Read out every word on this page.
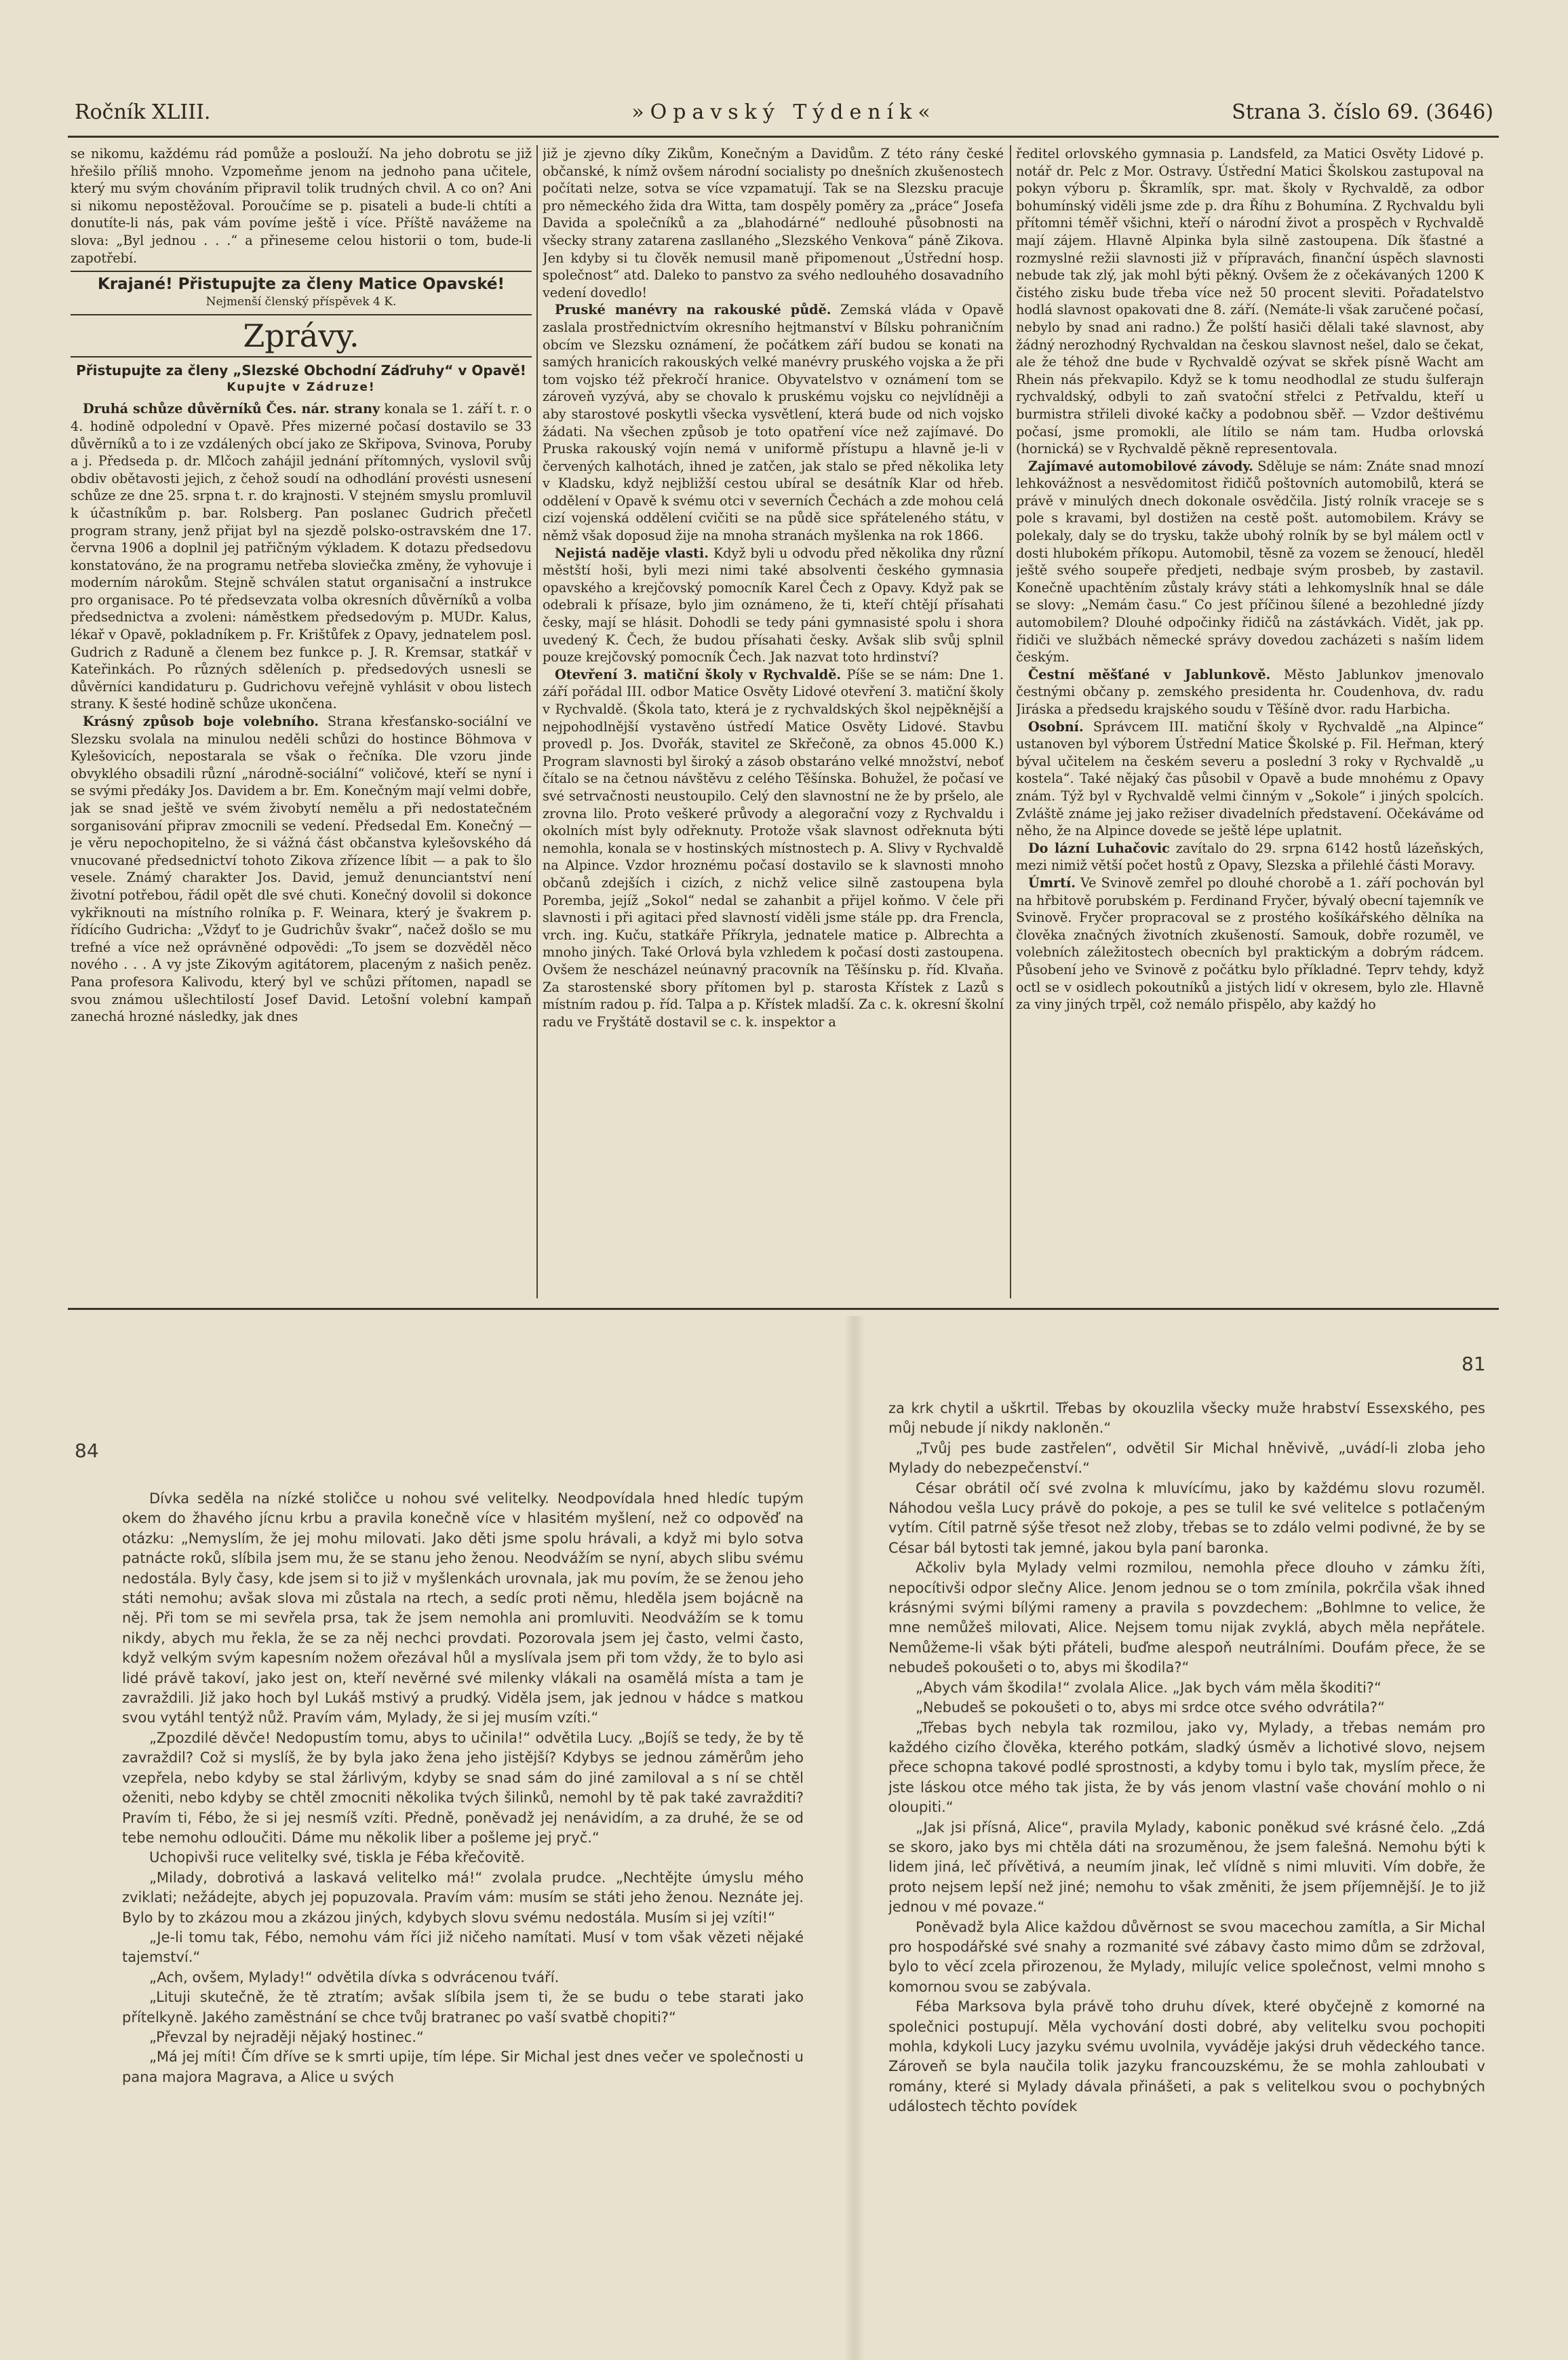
Ročník XLIII.	»Opavský Týdeník«	Strana 3. číslo 69. (3646)

se nikomu, každému rád pomůže a poslouží. Na jeho dobrotu se již hřešilo příliš mnoho. Vzpomeňme jenom na jednoho pana učitele, který mu svým chováním připravil tolik trudných chvil. A co on? Ani si nikomu nepostěžoval. Poroučíme se p. pisateli a bude-li chtíti a donutíte-li nás, pak vám povíme ještě i více. Příště navážeme na slova: „Byl jednou . . .“ a přineseme celou historii o tom, bude-li zapotřebí.

Krajané! Přistupujte za členy Matice Opavské!
Nejmenší členský příspěvek 4 K.
Zprávy.
Přistupujte za členy „Slezské Obchodní Záďruhy“ v Opavě!
Kupujte v Zádruze!

Druhá schůze důvěrníků Čes. nár. strany konala se 1. září t. r. o 4. hodině odpolední v Opavě. Přes mizerné počasí dostavilo se 33 důvěrníků a to i ze vzdálených obcí jako ze Skřipova, Svinova, Poruby a j. Předseda p. dr. Mlčoch zahájil jednání přítomných, vyslovil svůj obdiv obětavosti jejich, z čehož soudí na odhodlání provésti usnesení schůze ze dne 25. srpna t. r. do krajnosti. V stejném smyslu promluvil k účastníkům p. bar. Rolsberg. Pan poslanec Gudrich přečetl program strany, jenž přijat byl na sjezdě polsko-ostravském dne 17. června 1906 a doplnil jej patřičným výkladem. K dotazu předsedovu konstatováno, že na programu netřeba sloviečka změny, že vyhovuje i moderním nárokům. Stejně schválen statut organisační a instrukce pro organisace. Po té předsevzata volba okresních důvěrníků a volba předsednictva a zvoleni: náměstkem předsedovým p. MUDr. Kalus, lékař v Opavě, pokladníkem p. Fr. Krištůfek z Opavy, jednatelem posl. Gudrich z Raduně a členem bez funkce p. J. R. Kremsar, statkář v Kateřinkách. Po různých sděleních p. předsedových usnesli se důvěrníci kandidaturu p. Gudrichovu veřejně vyhlásit v obou listech strany. K šesté hodině schůze ukončena.

Krásný způsob boje volebního. Strana křesťansko-sociální ve Slezsku svolala na minulou neděli schůzi do hostince Böhmova v Kylešovicích, nepostarala se však o řečníka. Dle vzoru jinde obvyklého obsadili různí „národně-sociální“ voličové, kteří se nyní i se svými předáky Jos. Davidem a br. Em. Konečným mají velmi dobře, jak se snad ještě ve svém živobytí nemělu a při nedostatečném sorganisování připrav zmocnili se vedení. Předsedal Em. Konečný — je věru nepochopitelno, že si vážná část občanstva kylešovského dá vnucované předsednictví tohoto Zikova zřízence líbit — a pak to šlo vesele. Známý charakter Jos. David, jemuž denunciantství není životní potřebou, řádil opět dle své chuti. Konečný dovolil si dokonce vykřiknouti na místního rolníka p. F. Weinara, který je švakrem p. řídícího Gudricha: „Vždyť to je Gudrichův švakr“, načež došlo se mu trefné a více než oprávněné odpovědi: „To jsem se dozvěděl něco nového . . . A vy jste Zikovým agitátorem, placeným z našich peněz. Pana profesora Kalivodu, který byl ve schůzi přítomen, napadl se svou známou ušlechtilostí Josef David. Letošní volební kampaň zanechá hrozné následky, jak dnes

již je zjevno díky Zikům, Konečným a Davidům. Z této rány české občanské, k nímž ovšem národní socialisty po dnešních zkušenostech počítati nelze, sotva se více vzpamatují. Tak se na Slezsku pracuje pro německého žida dra Witta, tam dospěly poměry za „práce“ Josefa Davida a společníků a za „blahodárné“ nedlouhé působnosti na všecky strany zatarena zasllaného „Slezského Venkova“ páně Zikova. Jen kdyby si tu člověk nemusil maně připomenout „Ústřední hosp. společnost“ atd. Daleko to panstvo za svého nedlouhého dosavadního vedení dovedlo!

Pruské manévry na rakouské půdě. Zemská vláda v Opavě zaslala prostřednictvím okresního hejtmanství v Bílsku pohraničním obcím ve Slezsku oznámení, že počátkem září budou se konati na samých hranicích rakouských velké manévry pruského vojska a že při tom vojsko též překročí hranice. Obyvatelstvo v oznámení tom se zároveň vyzývá, aby se chovalo k pruskému vojsku co nejvlídněji a aby starostové poskytli všecka vysvětlení, která bude od nich vojsko žádati. Na všechen způsob je toto opatření více než zajímavé. Do Pruska rakouský vojín nemá v uniformě přístupu a hlavně je-li v červených kalhotách, ihned je zatčen, jak stalo se před několika lety v Kladsku, když nejbližší cestou ubíral se desátník Klar od hřeb. oddělení v Opavě k svému otci v severních Čechách a zde mohou celá cizí vojenská oddělení cvičiti se na půdě sice spřáteleného státu, v němž však doposud žije na mnoha stranách myšlenka na rok 1866.

Nejistá naděje vlasti. Když byli u odvodu před několika dny různí městští hoši, byli mezi nimi také absolventi českého gymnasia opavského a krejčovský pomocník Karel Čech z Opavy. Když pak se odebrali k přísaze, bylo jim oznámeno, že ti, kteří chtějí přísahati česky, mají se hlásit. Dohodli se tedy páni gymnasisté spolu i shora uvedený K. Čech, že budou přísahati česky. Avšak slib svůj splnil pouze krejčovský pomocník Čech. Jak nazvat toto hrdinství?

Otevření 3. matiční školy v Rychvaldě. Píše se se nám: Dne 1. září pořádal III. odbor Matice Osvěty Lidové otevření 3. matiční školy v Rychvaldě. (Škola tato, která je z rychvaldských škol nejpěknější a nejpohodlnější vystavěno ústředí Matice Osvěty Lidové. Stavbu provedl p. Jos. Dvořák, stavitel ze Skřečoně, za obnos 45.000 K.) Program slavnosti byl široký a zásob obstaráno velké množství, neboť čítalo se na četnou návštěvu z celého Těšínska. Bohužel, že počasí ve své setrvačnosti neustoupilo. Celý den slavnostní ne že by pršelo, ale zrovna lilo. Proto veškeré průvody a alegorační vozy z Rychvaldu i okolních míst byly odřeknuty. Protože však slavnost odřeknuta býti nemohla, konala se v hostinských místnostech p. A. Slivy v Rychvaldě na Alpince. Vzdor hroznému počasí dostavilo se k slavnosti mnoho občanů zdejších i cizích, z nichž velice silně zastoupena byla Poremba, jejíž „Sokol“ nedal se zahanbit a přijel koňmo. V čele při slavnosti i při agitaci před slavností viděli jsme stále pp. dra Frencla, vrch. ing. Kuču, statkáře Příkryla, jednatele matice p. Albrechta a mnoho jiných. Také Orlová byla vzhledem k počasí dosti zastoupena. Ovšem že nescházel neúnavný pracovník na Těšínsku p. říd. Klvaňa. Za starostenské sbory přítomen byl p. starosta Křístek z Lazů s místním radou p. říd. Talpa a p. Křístek mladší. Za c. k. okresní školní radu ve Fryštátě dostavil se c. k. inspektor a

ředitel orlovského gymnasia p. Landsfeld, za Matici Osvěty Lidové p. notář dr. Pelc z Mor. Ostravy. Ústřední Matici Školskou zastupoval na pokyn výboru p. Škramlík, spr. mat. školy v Rychvaldě, za odbor bohumínský viděli jsme zde p. dra Říhu z Bohumína. Z Rychvaldu byli přítomni téměř všichni, kteří o národní život a prospěch v Rychvaldě mají zájem. Hlavně Alpinka byla silně zastoupena. Dík šťastné a rozmyslné režii slavnosti již v přípravách, finanční úspěch slavnosti nebude tak zlý, jak mohl býti pěkný. Ovšem že z očekávaných 1200 K čistého zisku bude třeba více než 50 procent sleviti. Pořadatelstvo hodlá slavnost opakovati dne 8. září. (Nemáte-li však zaručené počasí, nebylo by snad ani radno.) Že polští hasiči dělali také slavnost, aby žádný nerozhodný Rychvaldan na českou slavnost nešel, dalo se čekat, ale že téhož dne bude v Rychvaldě ozývat se skřek písně Wacht am Rhein nás překvapilo. Když se k tomu neodhodlal ze studu šulferajn rychvaldský, odbyli to zaň svatoční střelci z Petřvaldu, kteří u burmistra střileli divoké kačky a podobnou sběř. — Vzdor deštivému počasí, jsme promokli, ale lítilo se nám tam. Hudba orlovská (hornická) se v Rychvaldě pěkně representovala.

Zajímavé automobilové závody. Sděluje se nám: Znáte snad mnozí lehkovážnost a nesvědomitost řidičů poštovních automobilů, která se právě v minulých dnech dokonale osvědčila. Jistý rolník vraceje se s pole s kravami, byl dostižen na cestě pošt. automobilem. Krávy se polekaly, daly se do trysku, takže ubohý rolník by se byl málem octl v dosti hlubokém příkopu. Automobil, těsně za vozem se ženoucí, hleděl ještě svého soupeře předjeti, nedbaje svým prosbeb, by zastavil. Konečně upachtěním zůstaly krávy státi a lehkomyslník hnal se dále se slovy: „Nemám času.“ Co jest příčinou šílené a bezohledné jízdy automobilem? Dlouhé odpočinky řidičů na zástávkách. Vidět, jak pp. řidiči ve službách německé správy dovedou zacházeti s naším lidem českým.

Čestní měšťané v Jablunkově. Město Jablunkov jmenovalo čestnými občany p. zemského presidenta hr. Coudenhova, dv. radu Jiráska a předsedu krajského soudu v Těšíně dvor. radu Harbicha.

Osobní. Správcem III. matiční školy v Rychvaldě „na Alpince“ ustanoven byl výborem Ústřední Matice Školské p. Fil. Heřman, který býval učitelem na českém severu a poslední 3 roky v Rychvaldě „u kostela“. Také nějaký čas působil v Opavě a bude mnohému z Opavy znám. Týž byl v Rychvaldě velmi činným v „Sokole“ i jiných spolcích. Zvláště známe jej jako režiser divadelních představení. Očekáváme od něho, že na Alpince dovede se ještě lépe uplatnit.

Do lázní Luhačovic zavítalo do 29. srpna 6142 hostů lázeňských, mezi nimiž větší počet hostů z Opavy, Slezska a přilehlé části Moravy.

Úmrtí. Ve Svinově zemřel po dlouhé chorobě a 1. září pochován byl na hřbitově porubském p. Ferdinand Fryčer, bývalý obecní tajemník ve Svinově. Fryčer propracoval se z prostého košíkářského dělníka na člověka značných životních zkušeností. Samouk, dobře rozuměl, ve volebních záležitostech obecních byl praktickým a dobrým rádcem. Působení jeho ve Svinově z počátku bylo příkladné. Teprv tehdy, když octl se v osidlech pokoutníků a jistých lidí v okresem, bylo zle. Hlavně za viny jiných trpěl, což nemálo přispělo, aby každý ho

84
81

Dívka seděla na nízké stoličce u nohou své velitelky. Neodpovídala hned hledíc tupým okem do žhavého jícnu krbu a pravila konečně více v hlasitém myšlení, než co odpověď na otázku: „Nemyslím, že jej mohu milovati. Jako děti jsme spolu hrávali, a když mi bylo sotva patnácte roků, slíbila jsem mu, že se stanu jeho ženou. Neodvážím se nyní, abych slibu svému nedostála. Byly časy, kde jsem si to již v myšlenkách urovnala, jak mu povím, že se ženou jeho státi nemohu; avšak slova mi zůstala na rtech, a sedíc proti němu, hleděla jsem bojácně na něj. Při tom se mi sevřela prsa, tak že jsem nemohla ani promluviti. Neodvážím se k tomu nikdy, abych mu řekla, že se za něj nechci provdati. Pozorovala jsem jej často, velmi často, když velkým svým kapesním nožem ořezával hůl a myslívala jsem při tom vždy, že to bylo asi lidé právě takoví, jako jest on, kteří nevěrné své milenky vlákali na osamělá místa a tam je zavraždili. Již jako hoch byl Lukáš mstivý a prudký. Viděla jsem, jak jednou v hádce s matkou svou vytáhl tentýž nůž. Pravím vám, Mylady, že si jej musím vzíti.“

„Zpozdilé děvče! Nedopustím tomu, abys to učinila!“ odvětila Lucy. „Bojíš se tedy, že by tě zavraždil? Což si myslíš, že by byla jako žena jeho jistější? Kdybys se jednou záměrům jeho vzepřela, nebo kdyby se stal žárlivým, kdyby se snad sám do jiné zamiloval a s ní se chtěl oženiti, nebo kdyby se chtěl zmocniti několika tvých šilinků, nemohl by tě pak také zavražditi? Pravím ti, Fébo, že si jej nesmíš vzíti. Předně, poněvadž jej nenávidím, a za druhé, že se od tebe nemohu odloučiti. Dáme mu několik liber a pošleme jej pryč.“

Uchopivši ruce velitelky své, tiskla je Féba křečovitě.

„Milady, dobrotivá a laskavá velitelko má!“ zvolala prudce. „Nechtějte úmyslu mého zviklati; nežádejte, abych jej popuzovala. Pravím vám: musím se státi jeho ženou. Neznáte jej. Bylo by to zkázou mou a zkázou jiných, kdybych slovu svému nedostála. Musím si jej vzíti!“

„Je-li tomu tak, Fébo, nemohu vám říci již ničeho namítati. Musí v tom však vězeti nějaké tajemství.“

„Ach, ovšem, Mylady!“ odvětila dívka s odvrácenou tváří.

„Lituji skutečně, že tě ztratím; avšak slíbila jsem ti, že se budu o tebe starati jako přítelkyně. Jakého zaměstnání se chce tvůj bratranec po vaší svatbě chopiti?“

„Převzal by nejraději nějaký hostinec.“

„Má jej míti! Čím dříve se k smrti upije, tím lépe. Sir Michal jest dnes večer ve společnosti u pana majora Magrava, a Alice u svých

za krk chytil a uškrtil. Třebas by okouzlila všecky muže hrabství Essexského, pes můj nebude jí nikdy nakloněn.“

„Tvůj pes bude zastřelen“, odvětil Sir Michal hněvivě, „uvádí-li zloba jeho Mylady do nebezpečenství.“

César obrátil očí své zvolna k mluvícímu, jako by každému slovu rozuměl. Náhodou vešla Lucy právě do pokoje, a pes se tulil ke své velitelce s potlačeným vytím. Cítil patrně sýše třesot než zloby, třebas se to zdálo velmi podivné, že by se César bál bytosti tak jemné, jakou byla paní baronka.

Ačkoliv byla Mylady velmi rozmilou, nemohla přece dlouho v zámku žíti, nepocítivši odpor slečny Alice. Jenom jednou se o tom zmínila, pokrčila však ihned krásnými svými bílými rameny a pravila s povzdechem: „Bohlmne to velice, že mne nemůžeš milovati, Alice. Nejsem tomu nijak zvyklá, abych měla nepřátele. Nemůžeme-li však býti přáteli, buďme alespoň neutrálními. Doufám přece, že se nebudeš pokoušeti o to, abys mi škodila?“

„Abych vám škodila!“ zvolala Alice. „Jak bych vám měla škoditi?“

„Nebudeš se pokoušeti o to, abys mi srdce otce svého odvrátila?“

„Třebas bych nebyla tak rozmilou, jako vy, Mylady, a třebas nemám pro každého cizího člověka, kterého potkám, sladký úsměv a lichotivé slovo, nejsem přece schopna takové podlé sprostnosti, a kdyby tomu i bylo tak, myslím přece, že jste láskou otce mého tak jista, že by vás jenom vlastní vaše chování mohlo o ni oloupiti.“

„Jak jsi přísná, Alice“, pravila Mylady, kabonic poněkud své krásné čelo. „Zdá se skoro, jako bys mi chtěla dáti na srozuměnou, že jsem falešná. Nemohu býti k lidem jiná, leč přívětivá, a neumím jinak, leč vlídně s nimi mluviti. Vím dobře, že proto nejsem lepší než jiné; nemohu to však změniti, že jsem příjemnější. Je to již jednou v mé povaze.“

Poněvadž byla Alice každou důvěrnost se svou macechou zamítla, a Sir Michal pro hospodářské své snahy a rozmanité své zábavy často mimo dům se zdržoval, bylo to věcí zcela přirozenou, že Mylady, milujíc velice společnost, velmi mnoho s komornou svou se zabývala.

Féba Marksova byla právě toho druhu dívek, které obyčejně z komorné na společnici postupují. Měla vychování dosti dobré, aby velitelku svou pochopiti mohla, kdykoli Lucy jazyku svému uvolnila, vyváděje jakýsi druh vědeckého tance. Zároveň se byla naučila tolik jazyku francouzskému, že se mohla zahloubati v romány, které si Mylady dávala přinášeti, a pak s velitelkou svou o pochybných událostech těchto povídek
